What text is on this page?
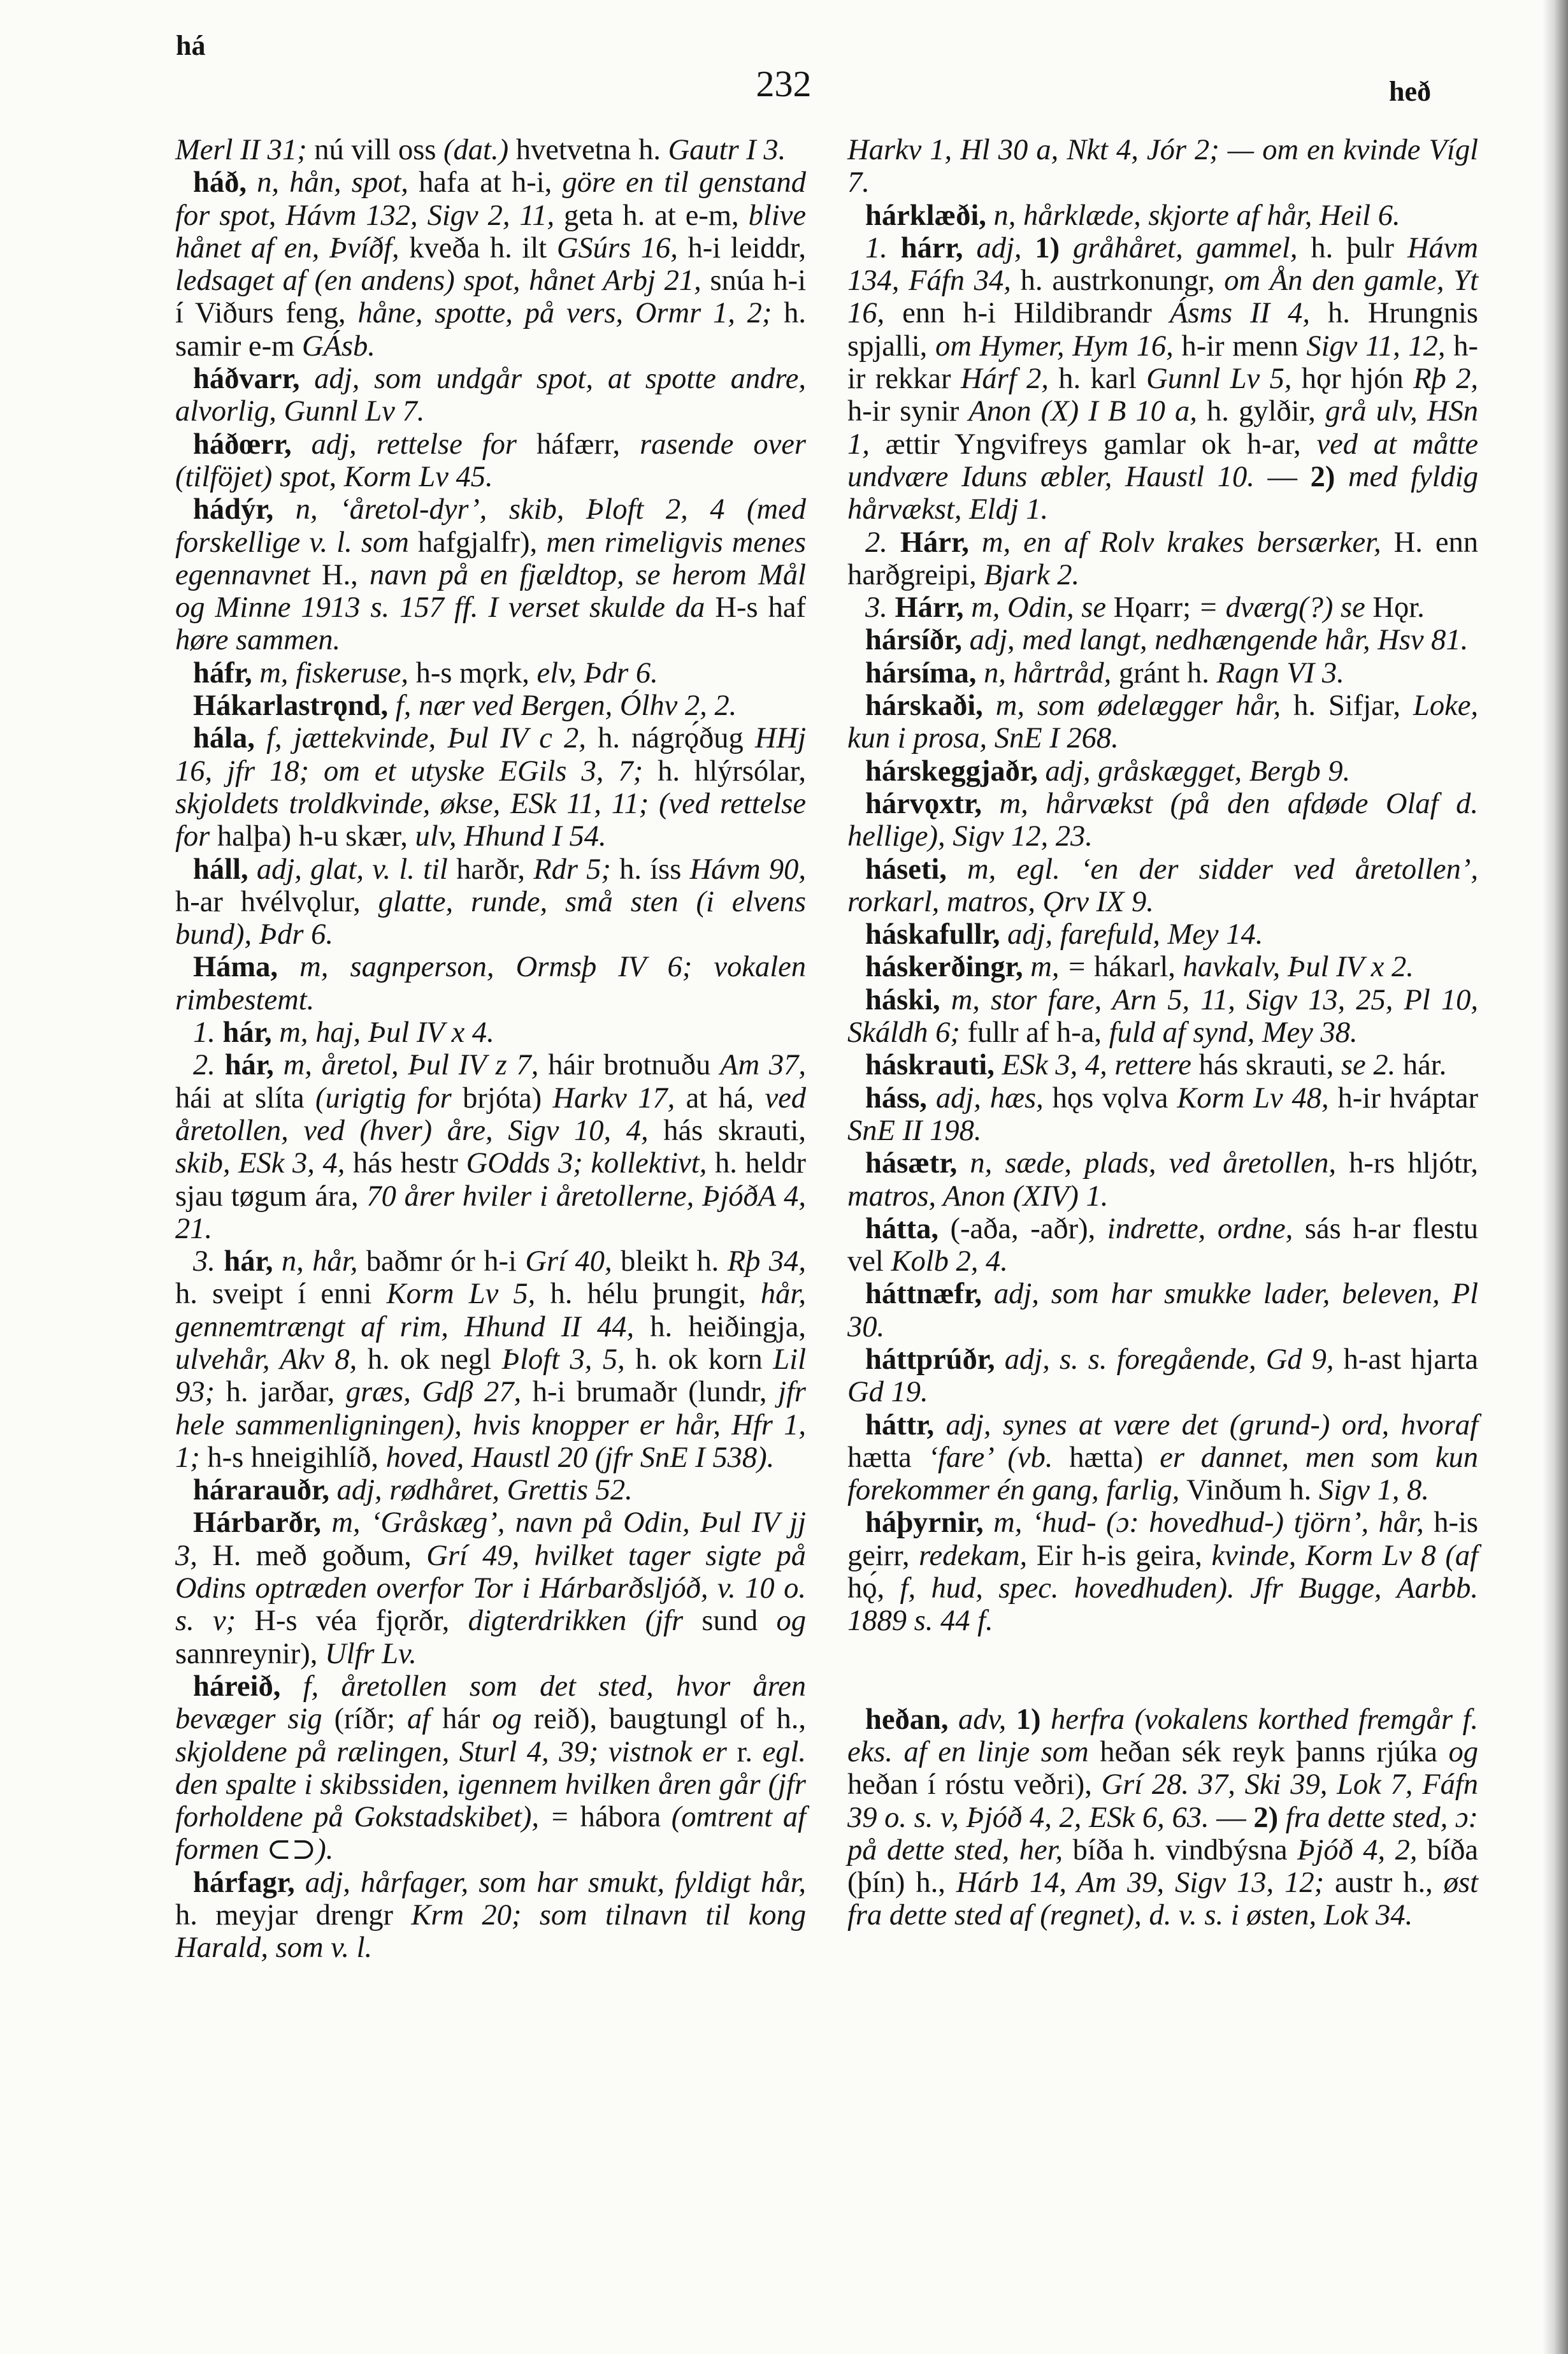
há
232	heð

Merl II 31; nú vill oss (dat.) hvetvetna h. Gautr I 3.

háð, n, hån, spot, hafa at h-i, göre en til genstand for spot, Hávm 132, Sigv 2, 11, geta h. at e-m, blive hånet af en, Þvíðf, kveða h. ilt GSúrs 16, h-i leiddr, ledsaget af (en andens) spot, hånet Arbj 21, snúa h-i í Viðurs feng, håne, spotte, på vers, Ormr 1, 2; h. samir e-m GÁsb.

háðvarr, adj, som undgår spot, at spotte andre, alvorlig, Gunnl Lv 7.

háðœrr, adj, rettelse for háfærr, rasende over (tilföjet) spot, Korm Lv 45.

hádýr, n, ‘åretol-dyr’, skib, Þloft 2, 4 (med forskellige v. l. som hafgjalfr), men rimeligvis menes egennavnet H., navn på en fjældtop, se herom Mål og Minne 1913 s. 157 ff. I verset skulde da H-s haf høre sammen.

háfr, m, fiskeruse, h-s mǫrk, elv, Þdr 6.

Hákarlastrǫnd, f, nær ved Bergen, Ólhv 2, 2.

hála, f, jættekvinde, Þul IV c 2, h. nágrǫ́ðug HHj 16, jfr 18; om et utyske EGils 3, 7; h. hlýrsólar, skjoldets troldkvinde, økse, ESk 11, 11; (ved rettelse for halþa) h-u skær, ulv, Hhund I 54.

háll, adj, glat, v. l. til harðr, Rdr 5; h. íss Hávm 90, h-ar hvélvǫlur, glatte, runde, små sten (i elvens bund), Þdr 6.

Háma, m, sagnperson, Ormsþ IV 6; vokalen rimbestemt.

1. hár, m, haj, Þul IV x 4.

2. hár, m, åretol, Þul IV z 7, háir brotnuðu Am 37, hái at slíta (urigtig for brjóta) Harkv 17, at há, ved åretollen, ved (hver) åre, Sigv 10, 4, hás skrauti, skib, ESk 3, 4, hás hestr GOdds 3; kollektivt, h. heldr sjau tøgum ára, 70 årer hviler i åretollerne, ÞjóðA 4, 21.

3. hár, n, hår, baðmr ór h-i Grí 40, bleikt h. Rþ 34, h. sveipt í enni Korm Lv 5, h. hélu þrungit, hår, gennemtrængt af rim, Hhund II 44, h. heiðingja, ulvehår, Akv 8, h. ok negl Þloft 3, 5, h. ok korn Lil 93; h. jarðar, græs, Gdβ 27, h-i brumaðr (lundr, jfr hele sammenligningen), hvis knopper er hår, Hfr 1, 1; h-s hneigihlíð, hoved, Haustl 20 (jfr SnE I 538).

hárarauðr, adj, rødhåret, Grettis 52.

Hárbarðr, m, ‘Gråskæg’, navn på Odin, Þul IV jj 3, H. með goðum, Grí 49, hvilket tager sigte på Odins optræden overfor Tor i Hárbarðsljóð, v. 10 o. s. v; H-s véa fjǫrðr, digterdrikken (jfr sund og sannreynir), Ulfr Lv.

háreið, f, åretollen som det sted, hvor åren bevæger sig (ríðr; af hár og reið), baugtungl of h., skjoldene på rælingen, Sturl 4, 39; vistnok er r. egl. den spalte i skibssiden, igennem hvilken åren går (jfr forholdene på Gokstadskibet), = hábora (omtrent af formen ⊂⊃).

hárfagr, adj, hårfager, som har smukt, fyldigt hår, h. meyjar drengr Krm 20; som tilnavn til kong Harald, som v. l.

Harkv 1, Hl 30 a, Nkt 4, Jór 2; — om en kvinde Vígl 7.

hárklæði, n, hårklæde, skjorte af hår, Heil 6.

1. hárr, adj, 1) gråhåret, gammel, h. þulr Hávm 134, Fáfn 34, h. austrkonungr, om Ån den gamle, Yt 16, enn h-i Hildibrandr Ásms II 4, h. Hrungnis spjalli, om Hymer, Hym 16, h-ir menn Sigv 11, 12, h-ir rekkar Hárf 2, h. karl Gunnl Lv 5, hǫr hjón Rþ 2, h-ir synir Anon (X) I B 10 a, h. gylðir, grå ulv, HSn 1, ættir Yngvifreys gamlar ok h-ar, ved at måtte undvære Iduns æbler, Haustl 10. — 2) med fyldig hårvækst, Eldj 1.

2. Hárr, m, en af Rolv krakes bersærker, H. enn harðgreipi, Bjark 2.

3. Hárr, m, Odin, se Hǫarr; = dværg(?) se Hǫr.

hársíðr, adj, med langt, nedhængende hår, Hsv 81.

hársíma, n, hårtråd, gránt h. Ragn VI 3.

hárskaði, m, som ødelægger hår, h. Sifjar, Loke, kun i prosa, SnE I 268.

hárskeggjaðr, adj, gråskægget, Bergb 9.

hárvǫxtr, m, hårvækst (på den afdøde Olaf d. hellige), Sigv 12, 23.

háseti, m, egl. ‘en der sidder ved åretollen’, rorkarl, matros, Ǫrv IX 9.

háskafullr, adj, farefuld, Mey 14.

háskerðingr, m, = hákarl, havkalv, Þul IV x 2.

háski, m, stor fare, Arn 5, 11, Sigv 13, 25, Pl 10, Skáldh 6; fullr af h-a, fuld af synd, Mey 38.

háskrauti, ESk 3, 4, rettere hás skrauti, se 2. hár.

háss, adj, hæs, hǫs vǫlva Korm Lv 48, h-ir hváptar SnE II 198.

hásætr, n, sæde, plads, ved åretollen, h-rs hljótr, matros, Anon (XIV) 1.

hátta, (-aða, -aðr), indrette, ordne, sás h-ar flestu vel Kolb 2, 4.

háttnæfr, adj, som har smukke lader, beleven, Pl 30.

háttprúðr, adj, s. s. foregående, Gd 9, h-ast hjarta Gd 19.

háttr, adj, synes at være det (grund-) ord, hvoraf hætta ‘fare’ (vb. hætta) er dannet, men som kun forekommer én gang, farlig, Vinðum h. Sigv 1, 8.

háþyrnir, m, ‘hud- (ɔ: hovedhud-) tjörn’, hår, h-is geirr, redekam, Eir h-is geira, kvinde, Korm Lv 8 (af hǫ́, f, hud, spec. hovedhuden). Jfr Bugge, Aarbb. 1889 s. 44 f.

heðan, adv, 1) herfra (vokalens korthed fremgår f. eks. af en linje som heðan sék reyk þanns rjúka og heðan í róstu veðri), Grí 28. 37, Ski 39, Lok 7, Fáfn 39 o. s. v, Þjóð 4, 2, ESk 6, 63. — 2) fra dette sted, ɔ: på dette sted, her, bíða h. vindbýsna Þjóð 4, 2, bíða (þín) h., Hárb 14, Am 39, Sigv 13, 12; austr h., øst fra dette sted af (regnet), d. v. s. i østen, Lok 34.
